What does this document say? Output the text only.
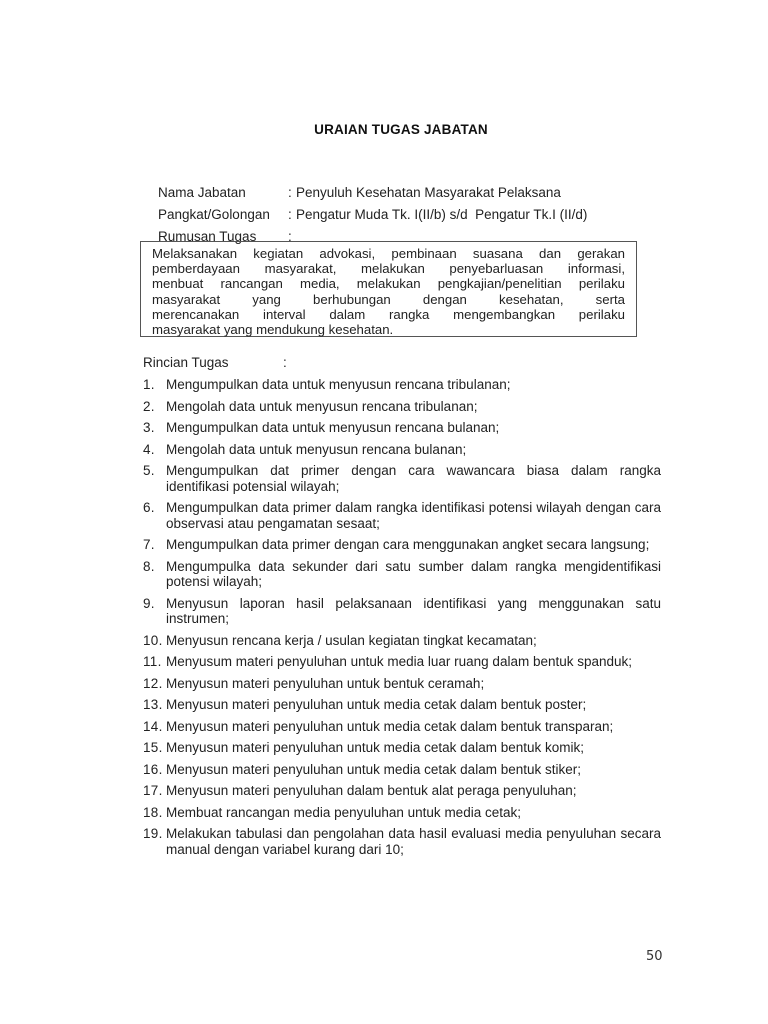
URAIAN TUGAS JABATAN

Nama Jabatan	: Penyuluh Kesehatan Masyarakat Pelaksana

Pangkat/Golongan : Pengatur Muda Tk. I(II/b) s/d  Pengatur Tk.I (II/d)

Rumusan Tugas :

Melaksanakan kegiatan advokasi, pembinaan suasana dan gerakan
pemberdayaan masyarakat, melakukan penyebarluasan informasi,
menbuat rancangan media, melakukan pengkajian/penelitian perilaku
masyarakat yang berhubungan dengan kesehatan, serta
merencanakan interval dalam rangka mengembangkan perilaku
masyarakat yang mendukung kesehatan.
Rincian Tugas	:
1. Mengumpulkan data untuk menyusun rencana tribulanan;
2. Mengolah data untuk menyusun rencana tribulanan;
3. Mengumpulkan data untuk menyusun rencana bulanan;
4. Mengolah data untuk menyusun rencana bulanan;
5. Mengumpulkan dat primer dengan cara wawancara biasa dalam rangka identifikasi potensial wilayah;
6. Mengumpulkan data primer dalam rangka identifikasi potensi wilayah dengan cara observasi atau pengamatan sesaat;
7. Mengumpulkan data primer dengan cara menggunakan angket secara langsung;
8. Mengumpulka data sekunder dari satu sumber dalam rangka mengidentifikasi potensi wilayah;
9. Menyusun laporan hasil pelaksanaan identifikasi yang menggunakan satu instrumen;
10. Menyusun rencana kerja / usulan kegiatan tingkat kecamatan;
11. Menyusum materi penyuluhan untuk media luar ruang dalam bentuk spanduk;
12. Menyusun materi penyuluhan untuk bentuk ceramah;
13. Menyusun materi penyuluhan untuk media cetak dalam bentuk poster;
14. Menyusun materi penyuluhan untuk media cetak dalam bentuk transparan;
15. Menyusun materi penyuluhan untuk media cetak dalam bentuk komik;
16. Menyusun materi penyuluhan untuk media cetak dalam bentuk stiker;
17. Menyusun materi penyuluhan dalam bentuk alat peraga penyuluhan;
18. Membuat rancangan media penyuluhan untuk media cetak;
19. Melakukan tabulasi dan pengolahan data hasil evaluasi media penyuluhan secara manual dengan variabel kurang dari 10;
50
